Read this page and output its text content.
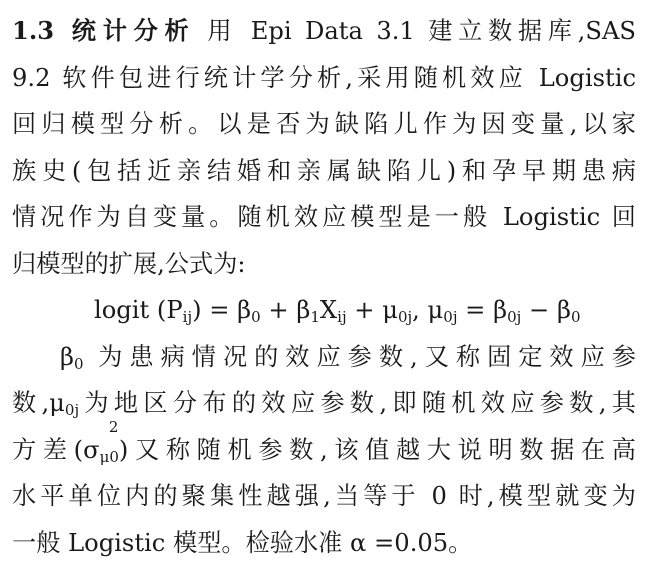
1.3 统计分析 用 Epi Data 3.1 建立数据库,SAS
9.2 软件包进行统计学分析,采用随机效应 Logistic
回归模型分析。以是否为缺陷儿作为因变量,以家
族史(包括近亲结婚和亲属缺陷儿)和孕早期患病
情况作为自变量。随机效应模型是一般 Logistic 回
归模型的扩展,公式为:
logit $(P_{ij}) = \beta_0 + \beta_1X_{ij} + \mu_{0j}$, $\mu_{0j} = \beta_{0j} - \beta_0$
$\beta_0$ 为患病情况的效应参数,又称固定效应参
数$,\mu_{0j}$为地区分布的效应参数,即随机效应参数,其
方差(σ
2
$_{\mu 0}$)又称随机参数,该值越大说明数据在高
水平单位内的聚集性越强,当等于 0 时,模型就变为
一般 Logistic 模型。检验水准 α =0.05。
